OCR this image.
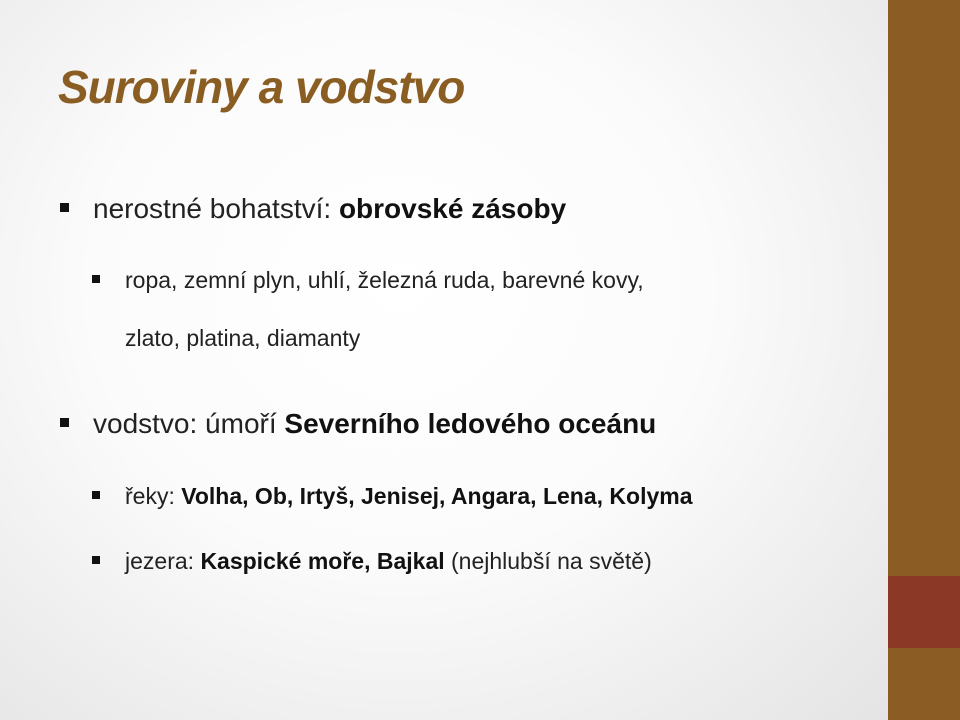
Suroviny a vodstvo
nerostné bohatství: obrovské zásoby
ropa, zemní plyn, uhlí, železná ruda, barevné kovy,
zlato, platina, diamanty
vodstvo: úmoří Severního ledového oceánu
řeky: Volha, Ob, Irtyš, Jenisej, Angara, Lena, Kolyma
jezera: Kaspické moře, Bajkal (nejhlubší na světě)
